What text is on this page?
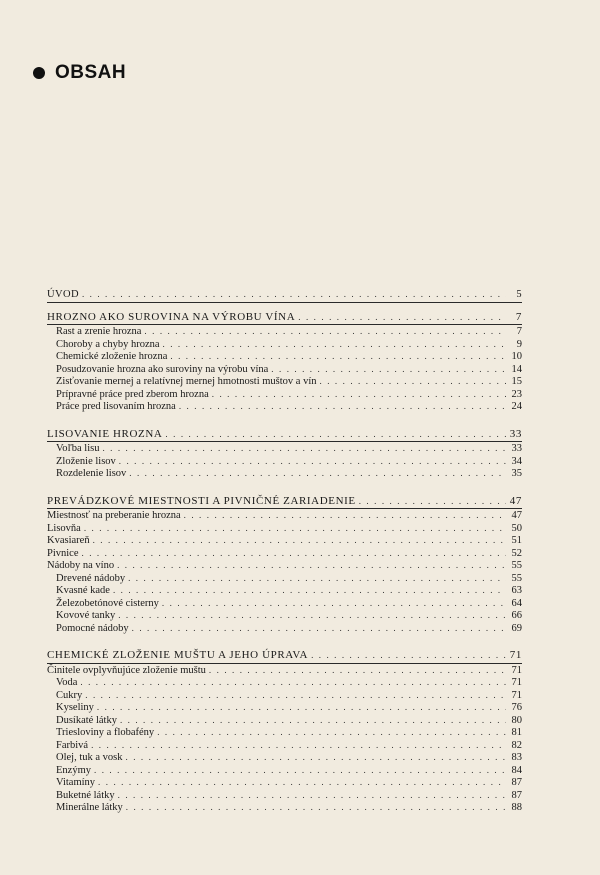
OBSAH
ÚVOD . . .	5
HROZNO AKO SUROVINA NA VÝROBU VÍNA . . .	7
Rast a zrenie hrozna . . .	7
Choroby a chyby hrozna . . .	9
Chemické zloženie hrozna . . .	10
Posudzovanie hrozna ako suroviny na výrobu vína . . .	14
Zisťovanie mernej a relatívnej mernej hmotnosti muštov a vín . . .	15
Prípravné práce pred zberom hrozna . . .	23
Práce pred lisovaním hrozna . . .	24
LISOVANIE HROZNA . . .	33
Voľba lisu . . .	33
Zloženie lisov . . .	34
Rozdelenie lisov . . .	35
PREVÁDZKOVÉ MIESTNOSTI A PIVNIČNÉ ZARIADENIE . . .	47
Miestnosť na preberanie hrozna . . .	47
Lisovňa . . .	50
Kvasiareň . . .	51
Pivnice . . .	52
Nádoby na víno . . .	55
Drevené nádoby . . .	55
Kvasné kade . . .	63
Železobetónové cisterny . . .	64
Kovové tanky . . .	66
Pomocné nádoby . . .	69
CHEMICKÉ ZLOŽENIE MUŠTU A JEHO ÚPRAVA . . .	71
Činitele ovplyvňujúce zloženie muštu . . .	71
Voda . . .	71
Cukry . . .	71
Kyseliny . . .	76
Dusíkaté látky . . .	80
Triesloviny a flobafény . . .	81
Farbivá . . .	82
Olej, tuk a vosk . . .	83
Enzýmy . . .	84
Vitamíny . . .	87
Buketné látky . . .	87
Minerálne látky . . .	88
